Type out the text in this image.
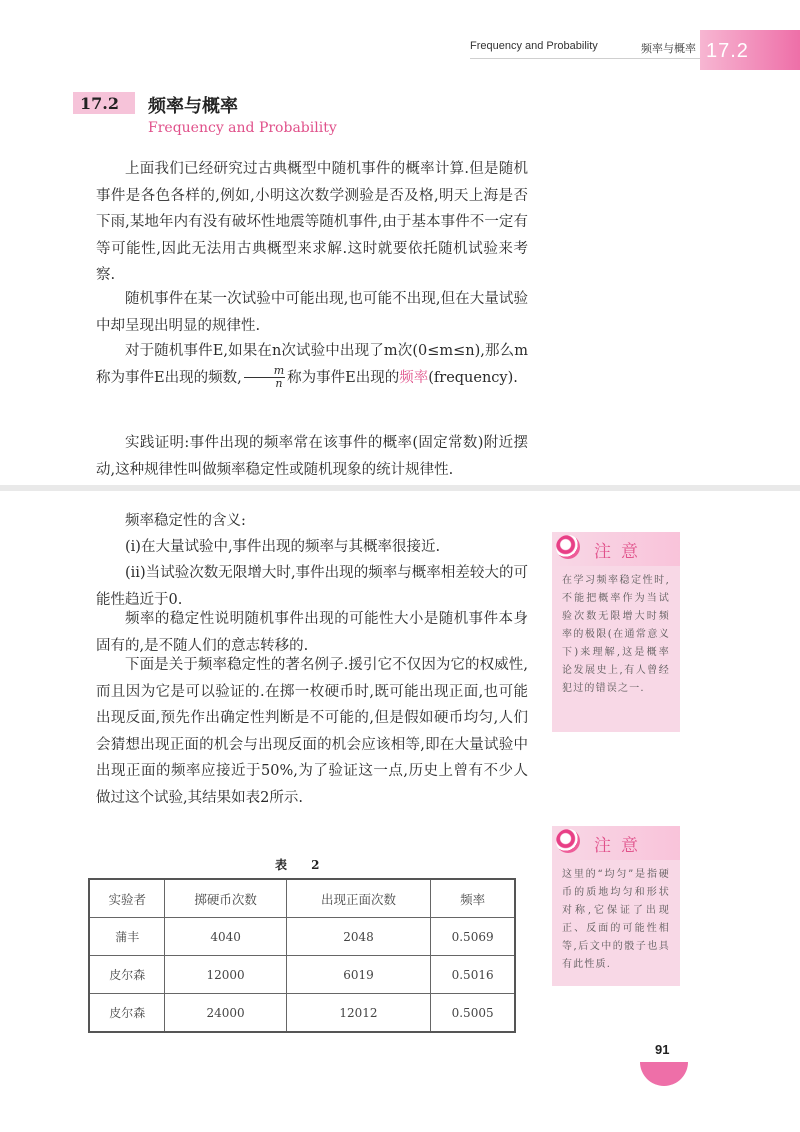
Frequency and Probability	频率与概率 17.2
17.2 频率与概率
Frequency and Probability

上面我们已经研究过古典概型中随机事件的概率计算.但是随机事件是各色各样的,例如,小明这次数学测验是否及格,明天上海是否下雨,某地年内有没有破坏性地震等随机事件,由于基本事件不一定有等可能性,因此无法用古典概型来求解.这时就要依托随机试验来考察.

随机事件在某一次试验中可能出现,也可能不出现,但在大量试验中却呈现出明显的规律性.

对于随机事件E,如果在n次试验中出现了m次(0≤m≤n),那么m称为事件E出现的频数, $\frac{m}{n}$ 称为事件E出现的频率(frequency).

实践证明:事件出现的频率常在该事件的概率(固定常数)附近摆动,这种规律性叫做频率稳定性或随机现象的统计规律性.

频率稳定性的含义:

(ⅰ)在大量试验中,事件出现的频率与其概率很接近.

(ⅱ)当试验次数无限增大时,事件出现的频率与概率相差较大的可能性趋近于0.

频率的稳定性说明随机事件出现的可能性大小是随机事件本身固有的,是不随人们的意志转移的.

下面是关于频率稳定性的著名例子.援引它不仅因为它的权威性,而且因为它是可以验证的.在掷一枚硬币时,既可能出现正面,也可能出现反面,预先作出确定性判断是不可能的,但是假如硬币均匀,人们会猜想出现正面的机会与出现反面的机会应该相等,即在大量试验中出现正面的频率应接近于50%,为了验证这一点,历史上曾有不少人做过这个试验,其结果如表2所示.

注意
在学习频率稳定性时,不能把概率作为当试验次数无限增大时频率的极限(在通常意义下)来理解,这是概率论发展史上,有人曾经犯过的错误之一.
注意
这里的“均匀”是指硬币的质地均匀和形状对称,它保证了出现正、反面的可能性相等,后文中的骰子也具有此性质.
表 2
实验者	掷硬币次数	出现正面次数	频率
蒲丰	4040	2048	0.5069
皮尔森	12000	6019	0.5016
皮尔森	24000	12012	0.5005
91
